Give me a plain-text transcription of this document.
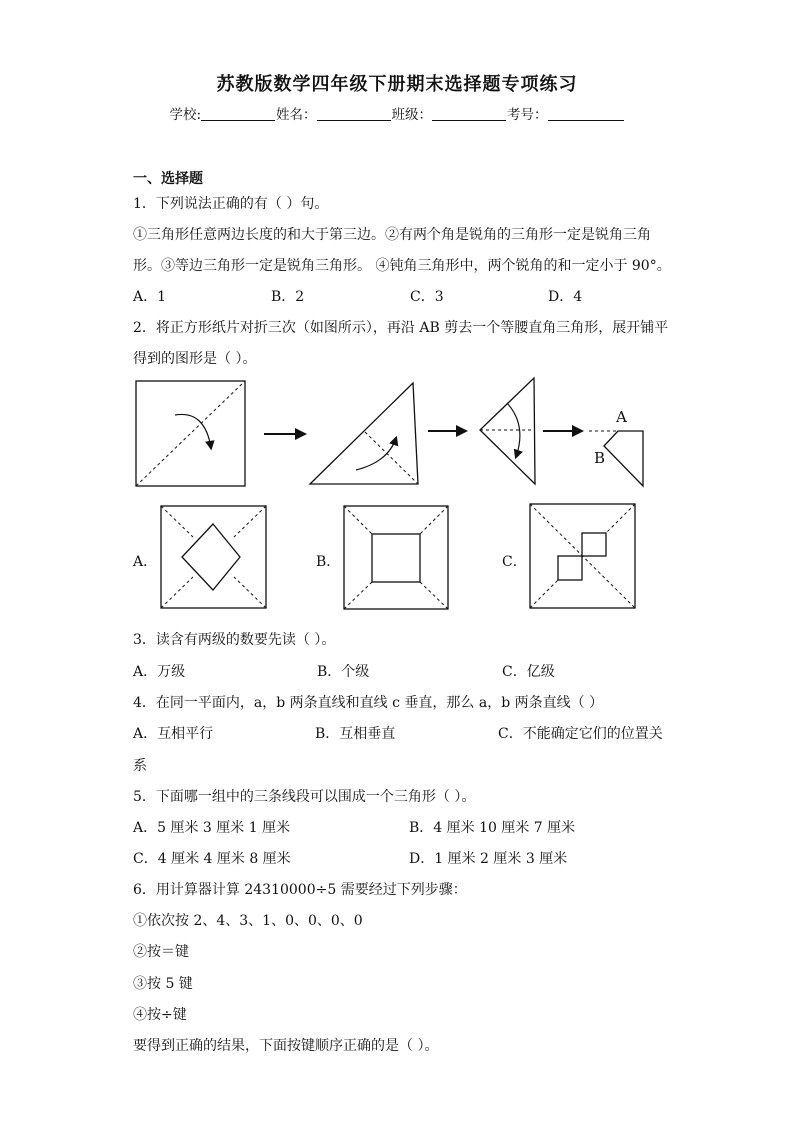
苏教版数学四年级下册期末选择题专项练习
学校:	姓名：	班级：	考号：
一、选择题
1．下列说法正确的有（ ）句。
①三角形任意两边长度的和大于第三边。②有两个角是锐角的三角形一定是锐角三角
形。③等边三角形一定是锐角三角形。 ④钝角三角形中，两个锐角的和一定小于 90°。
A．1	B．2	C．3	D．4
2．将正方形纸片对折三次（如图所示），再沿 AB 剪去一个等腰直角三角形，展开铺平
得到的图形是（ ）。
A
B
A．	B．	C．
3．读含有两级的数要先读（ ）。
A．万级	B．个级	C．亿级
4．在同一平面内，a，b 两条直线和直线 c 垂直，那么 a，b 两条直线（ ）
A．互相平行	B．互相垂直	C．不能确定它们的位置关
系
5．下面哪一组中的三条线段可以围成一个三角形（ ）。
A．5 厘米 3 厘米 1 厘米	B．4 厘米 10 厘米 7 厘米
C．4 厘米 4 厘米 8 厘米	D．1 厘米 2 厘米 3 厘米
6．用计算器计算 24310000÷5 需要经过下列步骤：
①依次按 2、4、3、1、0、0、0、0
②按＝键
③按 5 键
④按÷键
要得到正确的结果，下面按键顺序正确的是（ ）。
